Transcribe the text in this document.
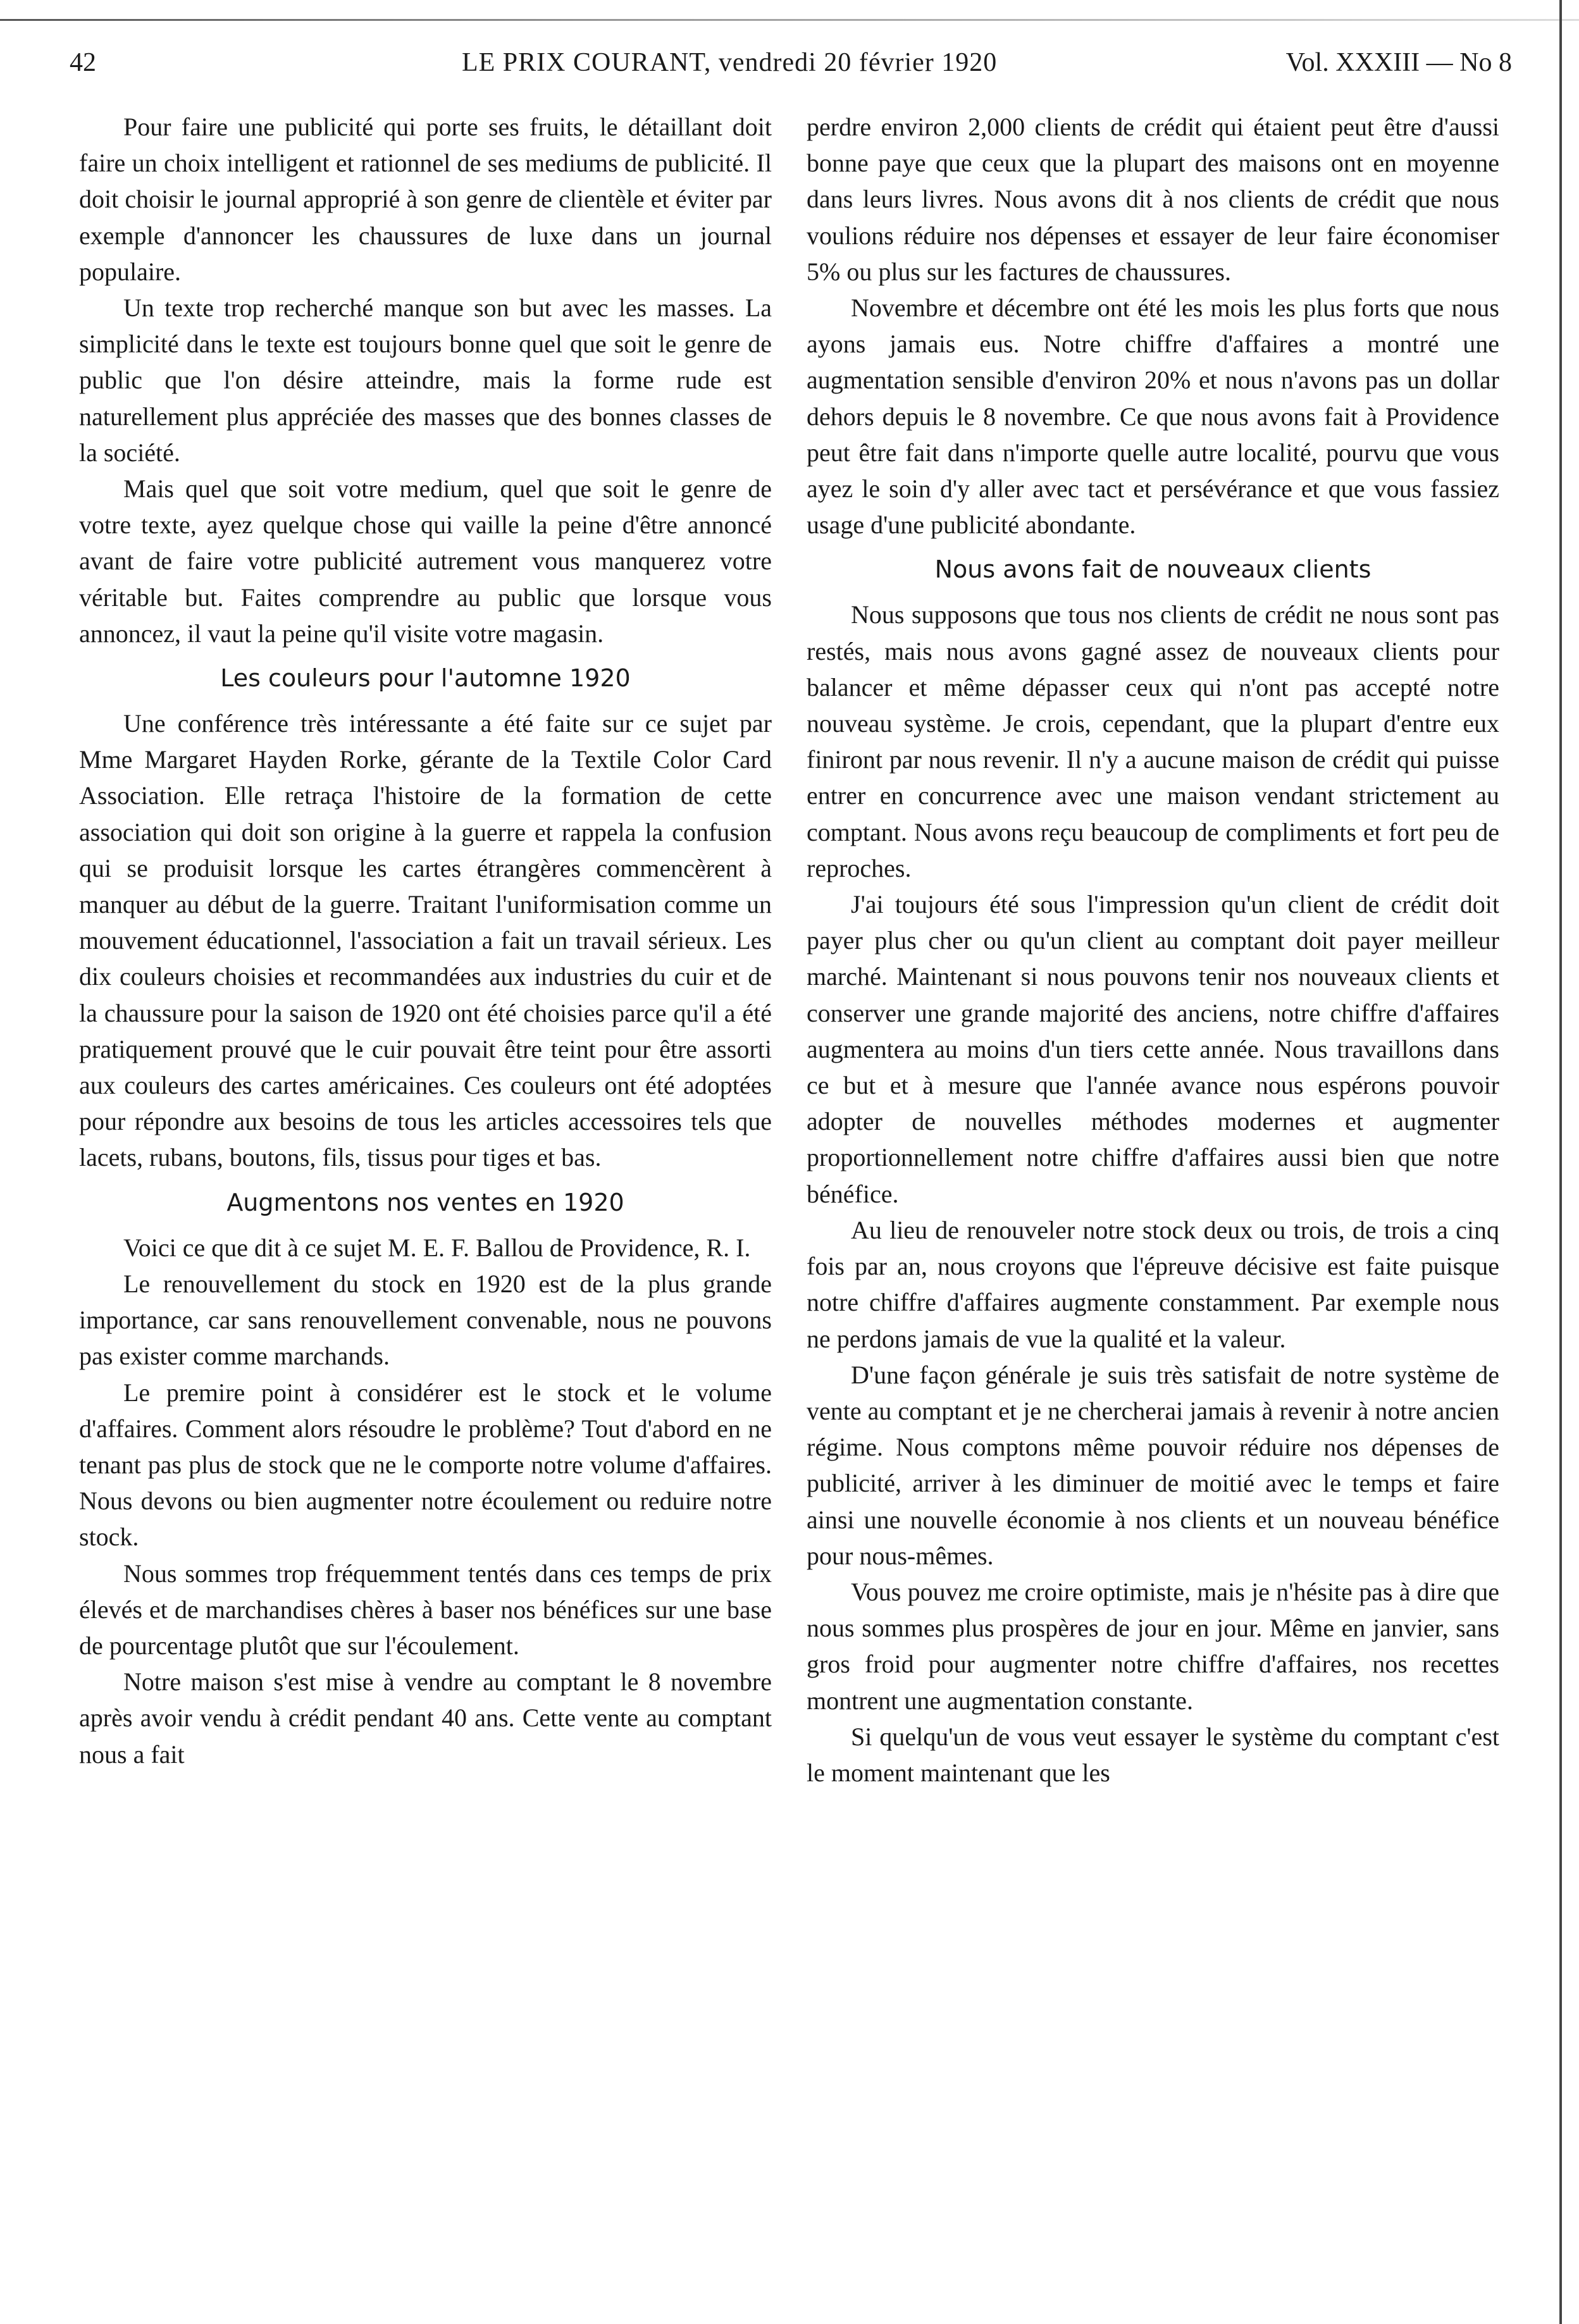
42	LE PRIX COURANT, vendredi 20 février 1920	Vol. XXXIII — No 8

Pour faire une publicité qui porte ses fruits, le détaillant doit faire un choix intelligent et rationnel de ses mediums de publicité. Il doit choisir le journal approprié à son genre de clientèle et éviter par exemple d'annoncer les chaussures de luxe dans un journal populaire.

Un texte trop recherché manque son but avec les masses. La simplicité dans le texte est toujours bonne quel que soit le genre de public que l'on désire atteindre, mais la forme rude est naturellement plus appréciée des masses que des bonnes classes de la société.

Mais quel que soit votre medium, quel que soit le genre de votre texte, ayez quelque chose qui vaille la peine d'être annoncé avant de faire votre publicité autrement vous manquerez votre véritable but. Faites comprendre au public que lorsque vous annoncez, il vaut la peine qu'il visite votre magasin.

Les couleurs pour l'automne 1920

Une conférence très intéressante a été faite sur ce sujet par Mme Margaret Hayden Rorke, gérante de la Textile Color Card Association. Elle retraça l'histoire de la formation de cette association qui doit son origine à la guerre et rappela la confusion qui se produisit lorsque les cartes étrangères commencèrent à manquer au début de la guerre. Traitant l'uniformisation comme un mouvement éducationnel, l'association a fait un travail sérieux. Les dix couleurs choisies et recommandées aux industries du cuir et de la chaussure pour la saison de 1920 ont été choisies parce qu'il a été pratiquement prouvé que le cuir pouvait être teint pour être assorti aux couleurs des cartes américaines. Ces couleurs ont été adoptées pour répondre aux besoins de tous les articles accessoires tels que lacets, rubans, boutons, fils, tissus pour tiges et bas.

Augmentons nos ventes en 1920

Voici ce que dit à ce sujet M. E. F. Ballou de Providence, R. I.

Le renouvellement du stock en 1920 est de la plus grande importance, car sans renouvellement convenable, nous ne pouvons pas exister comme marchands.

Le premire point à considérer est le stock et le volume d'affaires. Comment alors résoudre le problème? Tout d'abord en ne tenant pas plus de stock que ne le comporte notre volume d'affaires. Nous devons ou bien augmenter notre écoulement ou reduire notre stock.

Nous sommes trop fréquemment tentés dans ces temps de prix élevés et de marchandises chères à baser nos bénéfices sur une base de pourcentage plutôt que sur l'écoulement.

Notre maison s'est mise à vendre au comptant le 8 novembre après avoir vendu à crédit pendant 40 ans. Cette vente au comptant nous a fait

perdre environ 2,000 clients de crédit qui étaient peut être d'aussi bonne paye que ceux que la plupart des maisons ont en moyenne dans leurs livres. Nous avons dit à nos clients de crédit que nous voulions réduire nos dépenses et essayer de leur faire économiser 5% ou plus sur les factures de chaussures.

Novembre et décembre ont été les mois les plus forts que nous ayons jamais eus. Notre chiffre d'affaires a montré une augmentation sensible d'environ 20% et nous n'avons pas un dollar dehors depuis le 8 novembre. Ce que nous avons fait à Providence peut être fait dans n'importe quelle autre localité, pourvu que vous ayez le soin d'y aller avec tact et persévérance et que vous fassiez usage d'une publicité abondante.

Nous avons fait de nouveaux clients

Nous supposons que tous nos clients de crédit ne nous sont pas restés, mais nous avons gagné assez de nouveaux clients pour balancer et même dépasser ceux qui n'ont pas accepté notre nouveau système. Je crois, cependant, que la plupart d'entre eux finiront par nous revenir. Il n'y a aucune maison de crédit qui puisse entrer en concurrence avec une maison vendant strictement au comptant. Nous avons reçu beaucoup de compliments et fort peu de reproches.

J'ai toujours été sous l'impression qu'un client de crédit doit payer plus cher ou qu'un client au comptant doit payer meilleur marché. Maintenant si nous pouvons tenir nos nouveaux clients et conserver une grande majorité des anciens, notre chiffre d'affaires augmentera au moins d'un tiers cette année. Nous travaillons dans ce but et à mesure que l'année avance nous espérons pouvoir adopter de nouvelles méthodes modernes et augmenter proportionnellement notre chiffre d'affaires aussi bien que notre bénéfice.

Au lieu de renouveler notre stock deux ou trois, de trois a cinq fois par an, nous croyons que l'épreuve décisive est faite puisque notre chiffre d'affaires augmente constamment. Par exemple nous ne perdons jamais de vue la qualité et la valeur.

D'une façon générale je suis très satisfait de notre système de vente au comptant et je ne chercherai jamais à revenir à notre ancien régime. Nous comptons même pouvoir réduire nos dépenses de publicité, arriver à les diminuer de moitié avec le temps et faire ainsi une nouvelle économie à nos clients et un nouveau bénéfice pour nous-mêmes.

Vous pouvez me croire optimiste, mais je n'hésite pas à dire que nous sommes plus prospères de jour en jour. Même en janvier, sans gros froid pour augmenter notre chiffre d'affaires, nos recettes montrent une augmentation constante.

Si quelqu'un de vous veut essayer le système du comptant c'est le moment maintenant que les
